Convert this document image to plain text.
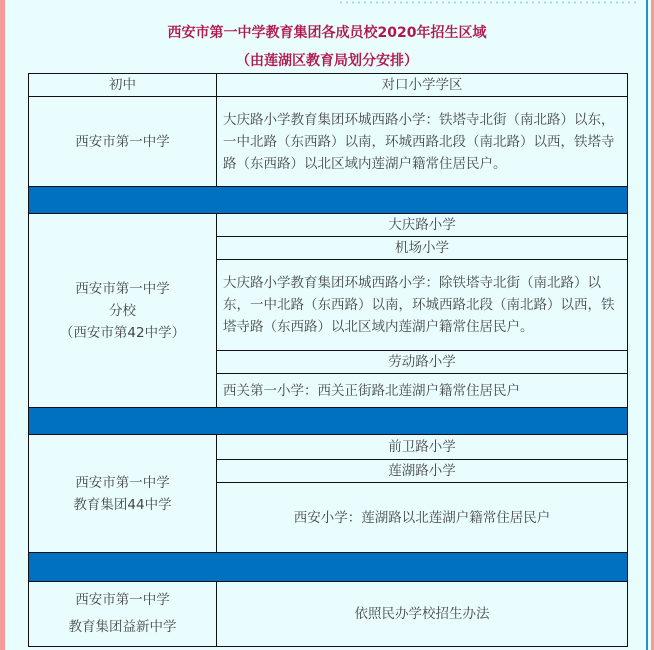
西安市第一中学教育集团各成员校2020年招生区域
（由莲湖区教育局划分安排）
初中	对口小学学区
西安市第一中学	大庆路小学教育集团环城西路小学：铁塔寺北街（南北路）以东，一中北路（东西路）以南，环城西路北段（南北路）以西，铁塔寺路（东西路）以北区域内莲湖户籍常住居民户。

西安市第一中学
分校
（西安市第42中学）	大庆路小学
	机场小学
	大庆路小学教育集团环城西路小学：除铁塔寺北街（南北路）以东，一中北路（东西路）以南，环城西路北段（南北路）以西，铁塔寺路（东西路）以北区域内莲湖户籍常住居民户。
	劳动路小学
	西关第一小学：西关正街路北莲湖户籍常住居民户

西安市第一中学
教育集团44中学	前卫路小学
	莲湖路小学
	西安小学：莲湖路以北莲湖户籍常住居民户

西安市第一中学
教育集团益新中学	依照民办学校招生办法
